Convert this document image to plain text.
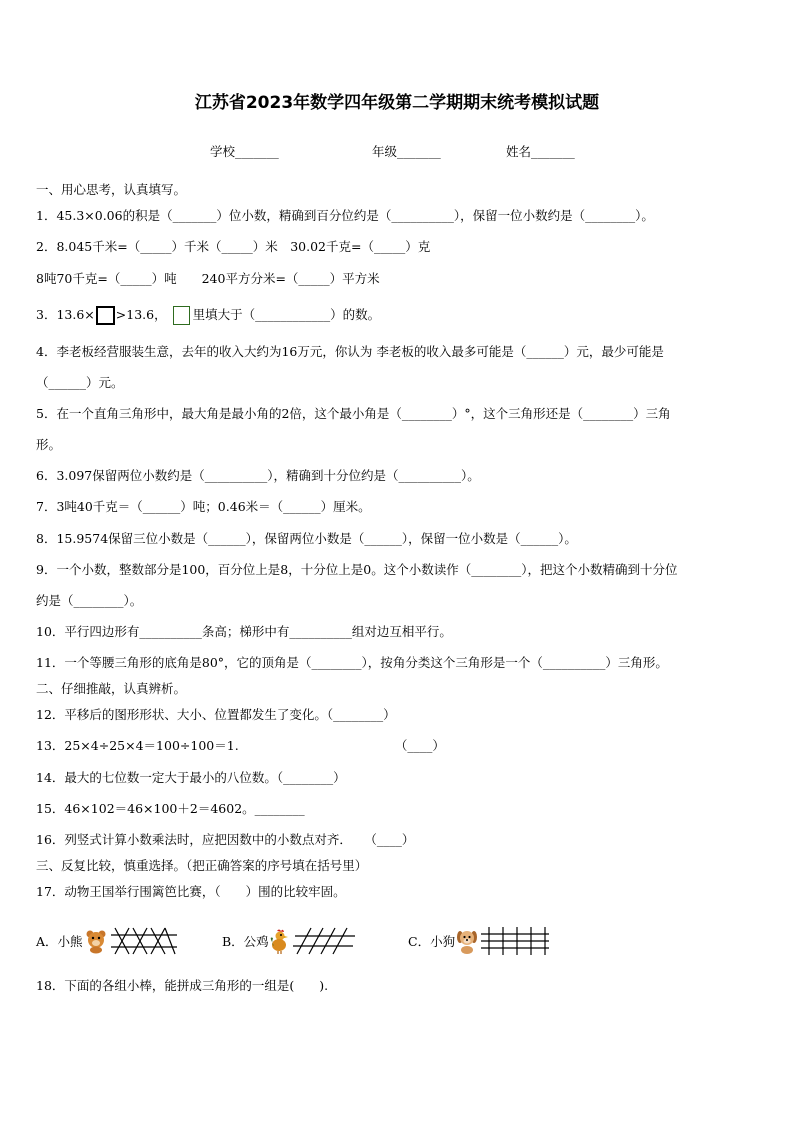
江苏省2023年数学四年级第二学期期末统考模拟试题
学校_______	年级_______	姓名_______
一、用心思考，认真填写。
1．45.3×0.06的积是（_______）位小数，精确到百分位约是（__________），保留一位小数约是（________）。
2．8.045千米=（_____）千米（_____）米　30.02千克=（_____）克
8吨70千克=（_____）吨　　240平方分米=（_____）平方米
3．13.6× >13.6， 里填大于（____________）的数。
4．李老板经营服装生意，去年的收入大约为16万元，你认为 李老板的收入最多可能是（______）元，最少可能是
（______）元。
5．在一个直角三角形中，最大角是最小角的2倍，这个最小角是（________）°，这个三角形还是（________）三角
形。
6．3.097保留两位小数约是（__________），精确到十分位约是（__________）。
7．3吨40千克＝（______）吨；0.46米＝（______）厘米。
8．15.9574保留三位小数是（______），保留两位小数是（______），保留一位小数是（______）。
9．一个小数，整数部分是100，百分位上是8，十分位上是0。这个小数读作（________），把这个小数精确到十分位
约是（________）。
10．平行四边形有__________条高；梯形中有__________组对边互相平行。
11．一个等腰三角形的底角是80°，它的顶角是（________），按角分类这个三角形是一个（__________）三角形。
二、仔细推敲，认真辨析。
12．平移后的图形形状、大小、位置都发生了变化。（________）
13．25×4÷25×4＝100÷100＝1.　　　　　　　　　　　　　（____）
14．最大的七位数一定大于最小的八位数。（________）
15．46×102＝46×100＋2＝4602。________
16．列竖式计算小数乘法时，应把因数中的小数点对齐．　　（____）
三、反复比较，慎重选择。（把正确答案的序号填在括号里）
17．动物王国举行围篱笆比赛，（　　）围的比较牢固。
A．小熊	B．公鸡	C．小狗
18．下面的各组小棒，能拼成三角形的一组是(　　).
